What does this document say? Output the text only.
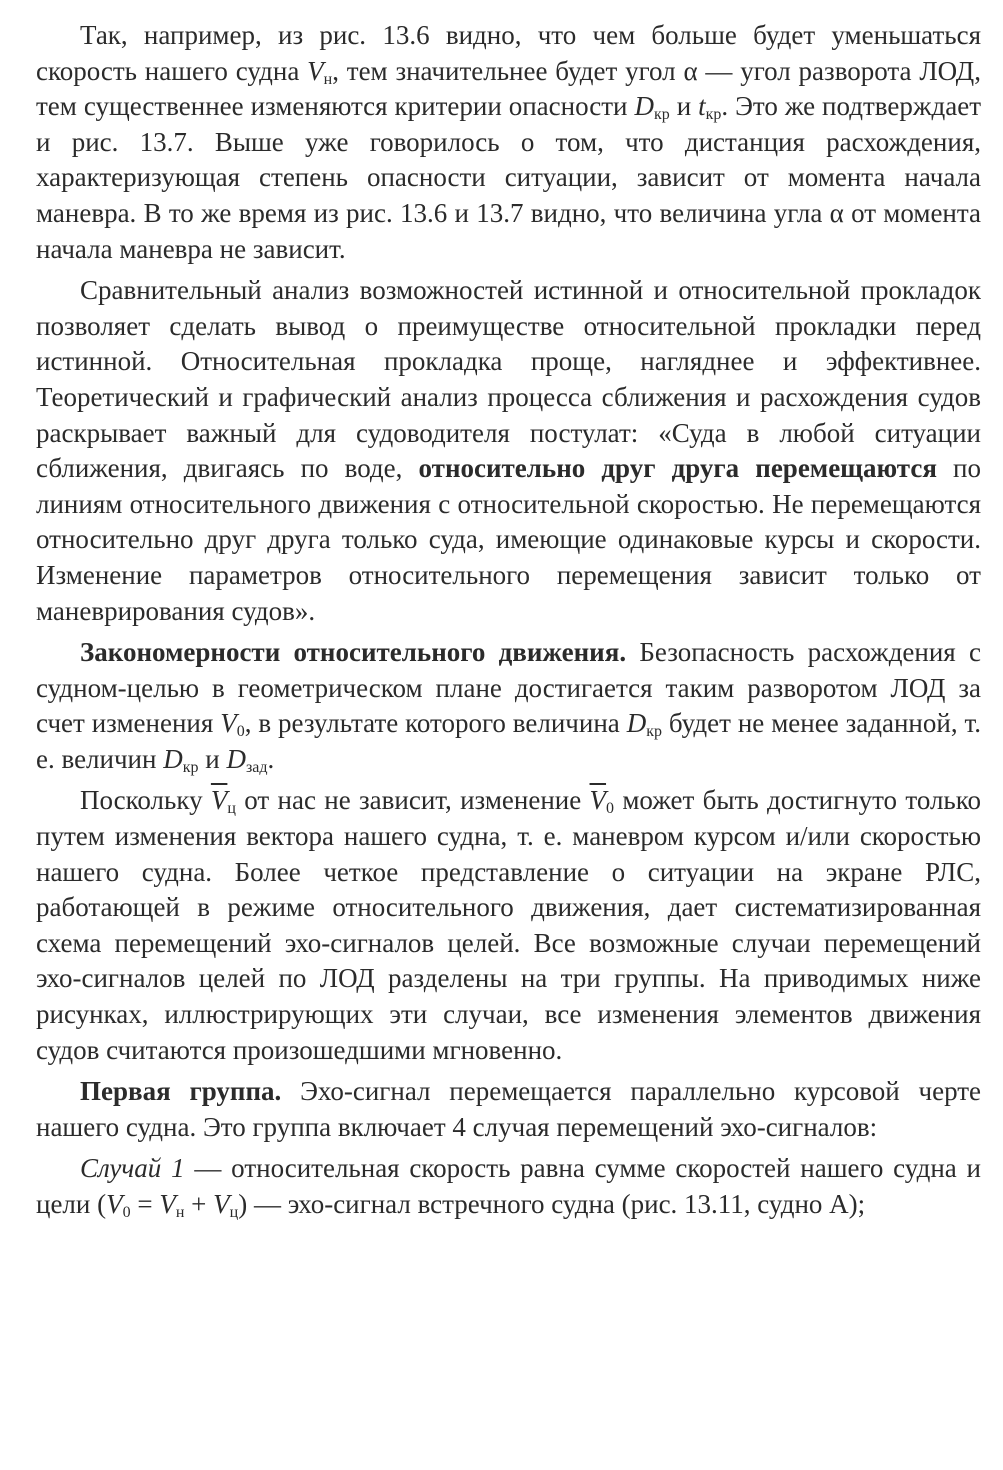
Так, например, из рис. 13.6 видно, что чем больше будет уменьшаться скорость нашего судна $V_н$, тем значительнее будет угол α — угол разворота ЛОД, тем существеннее изменяются критерии опасности $D_{кр}$ и $t_{кр}$. Это же подтверждает и рис. 13.7. Выше уже говорилось о том, что дистанция расхождения, характеризующая степень опасности ситуации, зависит от момента начала маневра. В то же время из рис. 13.6 и 13.7 видно, что величина угла α от момента начала маневра не зависит.

Сравнительный анализ возможностей истинной и относительной прокладок позволяет сделать вывод о преимуществе относительной прокладки перед истинной. Относительная прокладка проще, нагляднее и эффективнее. Теоретический и графический анализ процесса сближения и расхождения судов раскрывает важный для судоводителя постулат: «Суда в любой ситуации сближения, двигаясь по воде, относительно друг друга перемещаются по линиям относительного движения с относительной скоростью. Не перемещаются относительно друг друга только суда, имеющие одинаковые курсы и скорости. Изменение параметров относительного перемещения зависит только от маневрирования судов».

Закономерности относительного движения. Безопасность расхождения с судном-целью в геометрическом плане достигается таким разворотом ЛОД за счет изменения $V_0$, в результате которого величина $D_{кр}$ будет не менее заданной, т. е. величин $D_{кр}$ и $D_{зад}$.

Поскольку $\overline{V}_ц$ от нас не зависит, изменение $\overline{V}_0$ может быть достигнуто только путем изменения вектора нашего судна, т. е. маневром курсом и/или скоростью нашего судна. Более четкое представление о ситуации на экране РЛС, работающей в режиме относительного движения, дает систематизированная схема перемещений эхо-сигналов целей. Все возможные случаи перемещений эхо-сигналов целей по ЛОД разделены на три группы. На приводимых ниже рисунках, иллюстрирующих эти случаи, все изменения элементов движения судов считаются произошедшими мгновенно.

Первая группа. Эхо-сигнал перемещается параллельно курсовой черте нашего судна. Это группа включает 4 случая перемещений эхо-сигналов:

Случай 1 — относительная скорость равна сумме скоростей нашего судна и цели $(V_0 = V_н + V_ц)$ — эхо-сигнал встречного судна (рис. 13.11, судно А);
